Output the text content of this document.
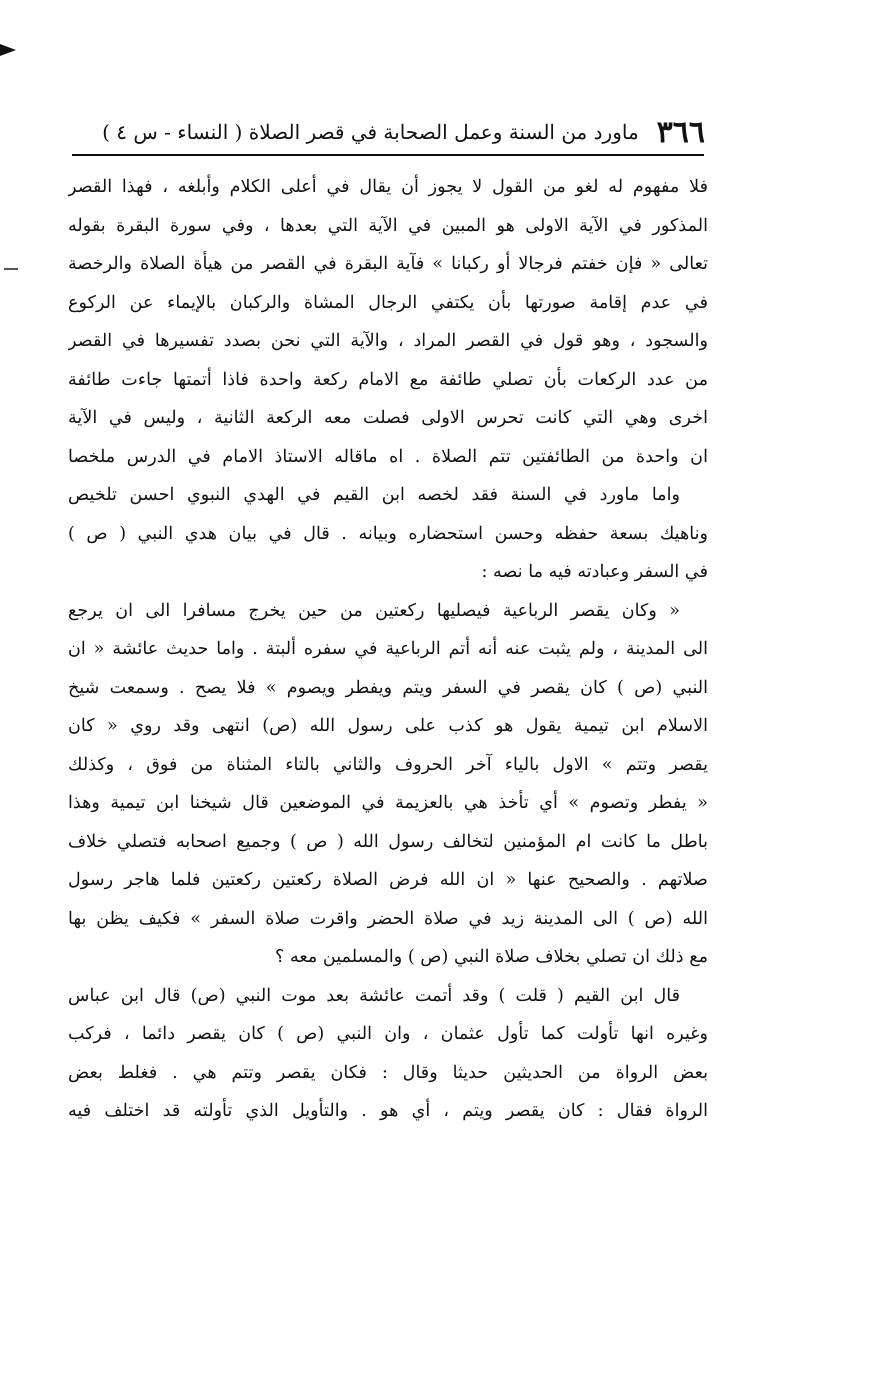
٣٦٦
ماورد من السنة وعمل الصحابة في قصر الصلاة ( النساء - س ٤ )
فلا مفهوم له لغو من القول لا يجوز أن يقال في أعلى الكلام وأبلغه ، فهذا القصر
المذكور في الآية الاولى هو المبين في الآية التي بعدها ، وفي سورة البقرة بقوله
تعالى « فإن خفتم فرجالا أو ركبانا » فآية البقرة في القصر من هيأة الصلاة والرخصة
في عدم إقامة صورتها بأن يكتفي الرجال المشاة والركبان بالإيماء عن الركوع
والسجود ، وهو قول في القصر المراد ، والآية التي نحن بصدد تفسيرها في القصر
من عدد الركعات بأن تصلي طائفة مع الامام ركعة واحدة فاذا أتمتها جاءت طائفة
اخرى وهي التي كانت تحرس الاولى فصلت معه الركعة الثانية ، وليس في الآية
ان واحدة من الطائفتين تتم الصلاة . اه ماقاله الاستاذ الامام في الدرس ملخصا
واما ماورد في السنة فقد لخصه ابن القيم في الهدي النبوي احسن تلخيص
وناهيك بسعة حفظه وحسن استحضاره وبيانه . قال في بيان هدي النبي ( ص )
في السفر وعبادته فيه ما نصه :
« وكان يقصر الرباعية فيصليها ركعتين من حين يخرج مسافرا الى ان يرجع
الى المدينة ، ولم يثبت عنه أنه أتم الرباعية في سفره ألبتة . واما حديث عائشة « ان
النبي (ص ) كان يقصر في السفر ويتم ويفطر ويصوم » فلا يصح . وسمعت شيخ
الاسلام ابن تيمية يقول هو كذب على رسول الله (ص) انتهى وقد روي « كان
يقصر وتتم » الاول بالياء آخر الحروف والثاني بالتاء المثناة من فوق ، وكذلك
« يفطر وتصوم » أي تأخذ هي بالعزيمة في الموضعين قال شيخنا ابن تيمية وهذا
باطل ما كانت ام المؤمنين لتخالف رسول الله ( ص ) وجميع اصحابه فتصلي خلاف
صلاتهم . والصحيح عنها « ان الله فرض الصلاة ركعتين ركعتين فلما هاجر رسول
الله (ص ) الى المدينة زيد في صلاة الحضر واقرت صلاة السفر » فكيف يظن بها
مع ذلك ان تصلي بخلاف صلاة النبي (ص ) والمسلمين معه ؟
قال ابن القيم ( قلت ) وقد أتمت عائشة بعد موت النبي (ص) قال ابن عباس
وغيره انها تأولت كما تأول عثمان ، وان النبي (ص ) كان يقصر دائما ، فركب
بعض الرواة من الحديثين حديثا وقال : فكان يقصر وتتم هي . فغلط بعض
الرواة فقال : كان يقصر ويتم ، أي هو . والتأويل الذي تأولته قد اختلف فيه
